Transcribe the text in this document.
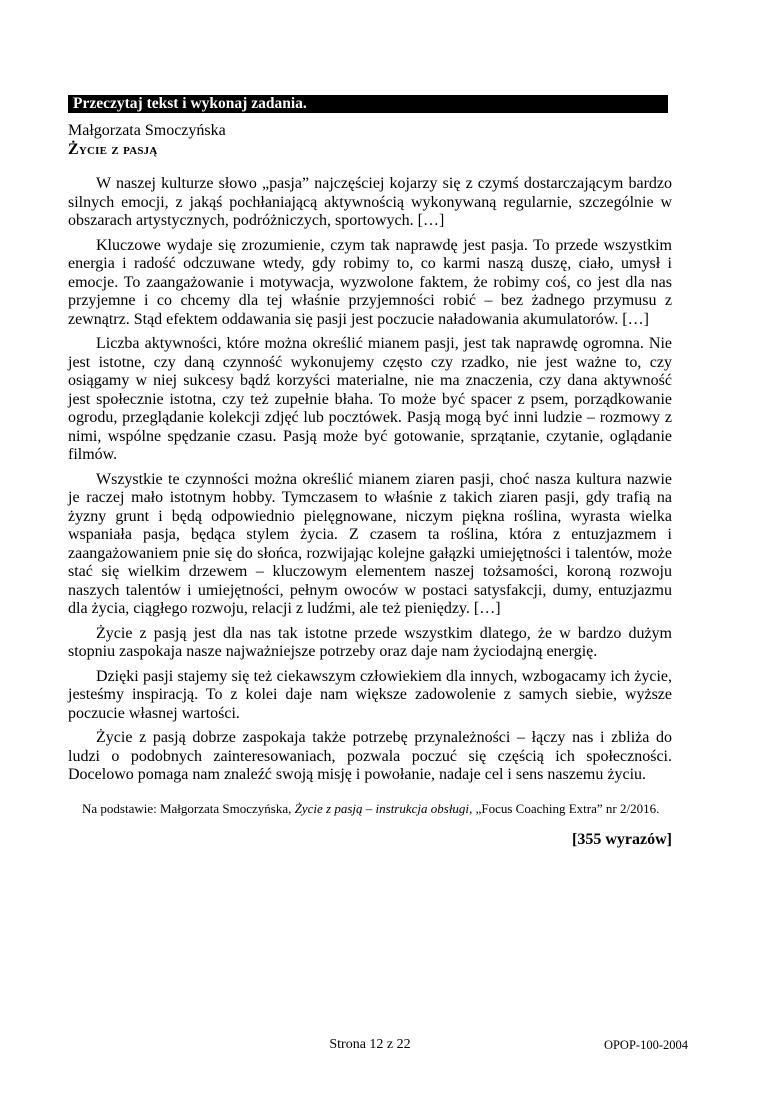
Przeczytaj tekst i wykonaj zadania.
Małgorzata Smoczyńska
Życie z pasją

W naszej kulturze słowo „pasja” najczęściej kojarzy się z czymś dostarczającym bardzo silnych emocji, z jakąś pochłaniającą aktywnością wykonywaną regularnie, szczególnie w obszarach artystycznych, podróżniczych, sportowych. […]

Kluczowe wydaje się zrozumienie, czym tak naprawdę jest pasja. To przede wszystkim energia i radość odczuwane wtedy, gdy robimy to, co karmi naszą duszę, ciało, umysł i emocje. To zaangażowanie i motywacja, wyzwolone faktem, że robimy coś, co jest dla nas przyjemne i co chcemy dla tej właśnie przyjemności robić – bez żadnego przymusu z zewnątrz. Stąd efektem oddawania się pasji jest poczucie naładowania akumulatorów. […]

Liczba aktywności, które można określić mianem pasji, jest tak naprawdę ogromna. Nie jest istotne, czy daną czynność wykonujemy często czy rzadko, nie jest ważne to, czy osiągamy w niej sukcesy bądź korzyści materialne, nie ma znaczenia, czy dana aktywność jest społecznie istotna, czy też zupełnie błaha. To może być spacer z psem, porządkowanie ogrodu, przeglądanie kolekcji zdjęć lub pocztówek. Pasją mogą być inni ludzie – rozmowy z nimi, wspólne spędzanie czasu. Pasją może być gotowanie, sprzątanie, czytanie, oglądanie filmów.

Wszystkie te czynności można określić mianem ziaren pasji, choć nasza kultura nazwie je raczej mało istotnym hobby. Tymczasem to właśnie z takich ziaren pasji, gdy trafią na żyzny grunt i będą odpowiednio pielęgnowane, niczym piękna roślina, wyrasta wielka wspaniała pasja, będąca stylem życia. Z czasem ta roślina, która z entuzjazmem i zaangażowaniem pnie się do słońca, rozwijając kolejne gałązki umiejętności i talentów, może stać się wielkim drzewem – kluczowym elementem naszej tożsamości, koroną rozwoju naszych talentów i umiejętności, pełnym owoców w postaci satysfakcji, dumy, entuzjazmu dla życia, ciągłego rozwoju, relacji z ludźmi, ale też pieniędzy. […]

Życie z pasją jest dla nas tak istotne przede wszystkim dlatego, że w bardzo dużym stopniu zaspokaja nasze najważniejsze potrzeby oraz daje nam życiodajną energię.

Dzięki pasji stajemy się też ciekawszym człowiekiem dla innych, wzbogacamy ich życie, jesteśmy inspiracją. To z kolei daje nam większe zadowolenie z samych siebie, wyższe poczucie własnej wartości.

Życie z pasją dobrze zaspokaja także potrzebę przynależności – łączy nas i zbliża do ludzi o podobnych zainteresowaniach, pozwala poczuć się częścią ich społeczności. Docelowo pomaga nam znaleźć swoją misję i powołanie, nadaje cel i sens naszemu życiu.

Na podstawie: Małgorzata Smoczyńska, Życie z pasją – instrukcja obsługi, „Focus Coaching Extra” nr 2/2016.

[355 wyrazów]
Strona 12 z 22	OPOP-100-2004
